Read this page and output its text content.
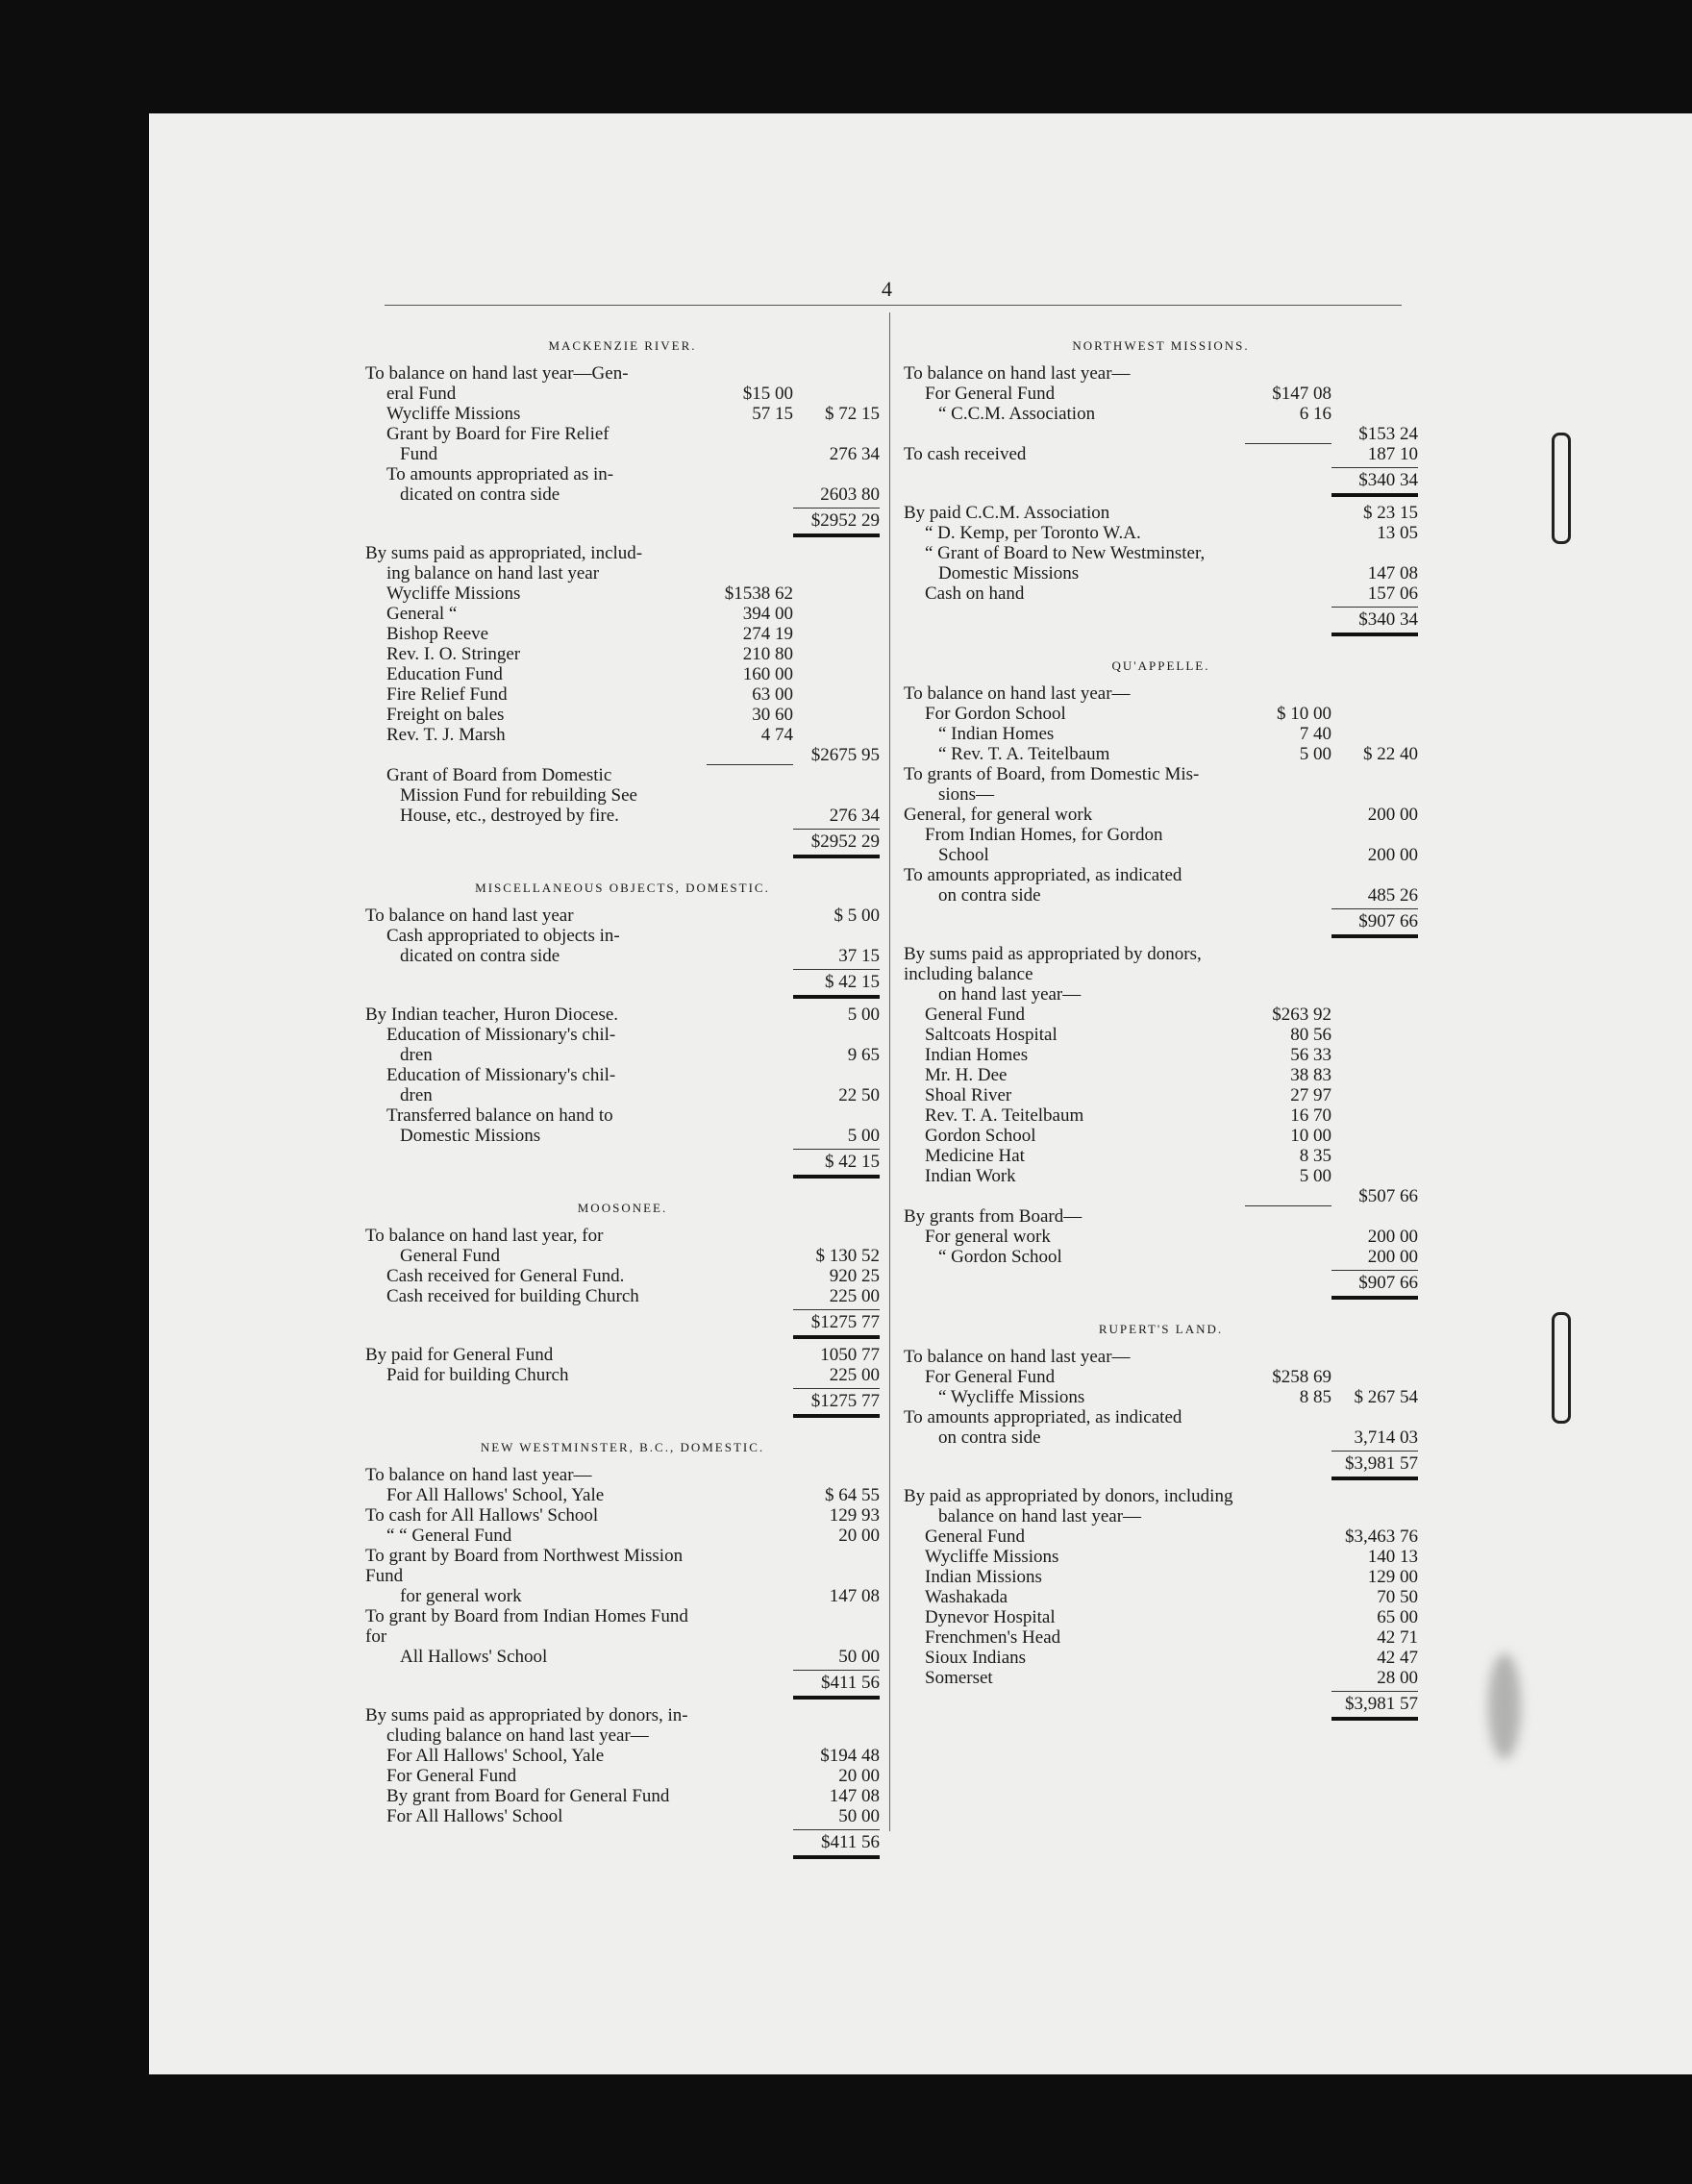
4
MACKENZIE RIVER.
To balance on hand last year—Gen-
eral Fund	$15 00
Wycliffe Missions	57 15	$ 72 15
Grant by Board for Fire Relief
Fund	276 34
To amounts appropriated as in-
dicated on contra side	2603 80
$2952 29
By sums paid as appropriated, includ-
ing balance on hand last year
Wycliffe Missions	$1538 62
General “	394 00
Bishop Reeve	274 19
Rev. I. O. Stringer	210 80
Education Fund	160 00
Fire Relief Fund	63 00
Freight on bales	30 60
Rev. T. J. Marsh	4 74
$2675 95
Grant of Board from Domestic
Mission Fund for rebuilding See
House, etc., destroyed by fire.	276 34
$2952 29
MISCELLANEOUS OBJECTS, DOMESTIC.
To balance on hand last year	$ 5 00
Cash appropriated to objects in-
dicated on contra side	37 15
$ 42 15
By Indian teacher, Huron Diocese.	5 00
Education of Missionary's chil-
dren	9 65
Education of Missionary's chil-
dren	22 50
Transferred balance on hand to
Domestic Missions	5 00
$ 42 15
MOOSONEE.
To balance on hand last year, for
General Fund	$ 130 52
Cash received for General Fund.	920 25
Cash received for building Church	225 00
$1275 77
By paid for General Fund	1050 77
Paid for building Church	225 00
$1275 77
NEW WESTMINSTER, B.C., DOMESTIC.
To balance on hand last year—
For All Hallows' School, Yale	$ 64 55
To cash for All Hallows' School	129 93
“ “ General Fund	20 00
To grant by Board from Northwest Mission Fund
for general work	147 08
To grant by Board from Indian Homes Fund for
All Hallows' School	50 00
$411 56
By sums paid as appropriated by donors, in-
cluding balance on hand last year—
For All Hallows' School, Yale	$194 48
For General Fund	20 00
By grant from Board for General Fund	147 08
For All Hallows' School	50 00
$411 56
NORTHWEST MISSIONS.
To balance on hand last year—
For General Fund	$147 08
“ C.C.M. Association	6 16
$153 24
To cash received	187 10
$340 34
By paid C.C.M. Association	$ 23 15
“ D. Kemp, per Toronto W.A.	13 05
“ Grant of Board to New Westminster,
Domestic Missions	147 08
Cash on hand	157 06
$340 34
QU'APPELLE.
To balance on hand last year—
For Gordon School	$ 10 00
“ Indian Homes	7 40
“ Rev. T. A. Teitelbaum	5 00	$ 22 40
To grants of Board, from Domestic Mis-
sions—
General, for general work	200 00
From Indian Homes, for Gordon
School	200 00
To amounts appropriated, as indicated
on contra side	485 26
$907 66
By sums paid as appropriated by donors, including balance
on hand last year—
General Fund	$263 92
Saltcoats Hospital	80 56
Indian Homes	56 33
Mr. H. Dee	38 83
Shoal River	27 97
Rev. T. A. Teitelbaum	16 70
Gordon School	10 00
Medicine Hat	8 35
Indian Work	5 00
$507 66
By grants from Board—
For general work	200 00
“ Gordon School	200 00
$907 66
RUPERT'S LAND.
To balance on hand last year—
For General Fund	$258 69
“ Wycliffe Missions	8 85	$ 267 54
To amounts appropriated, as indicated
on contra side	3,714 03
$3,981 57
By paid as appropriated by donors, including
balance on hand last year—
General Fund	$3,463 76
Wycliffe Missions	140 13
Indian Missions	129 00
Washakada	70 50
Dynevor Hospital	65 00
Frenchmen's Head	42 71
Sioux Indians	42 47
Somerset	28 00
$3,981 57
